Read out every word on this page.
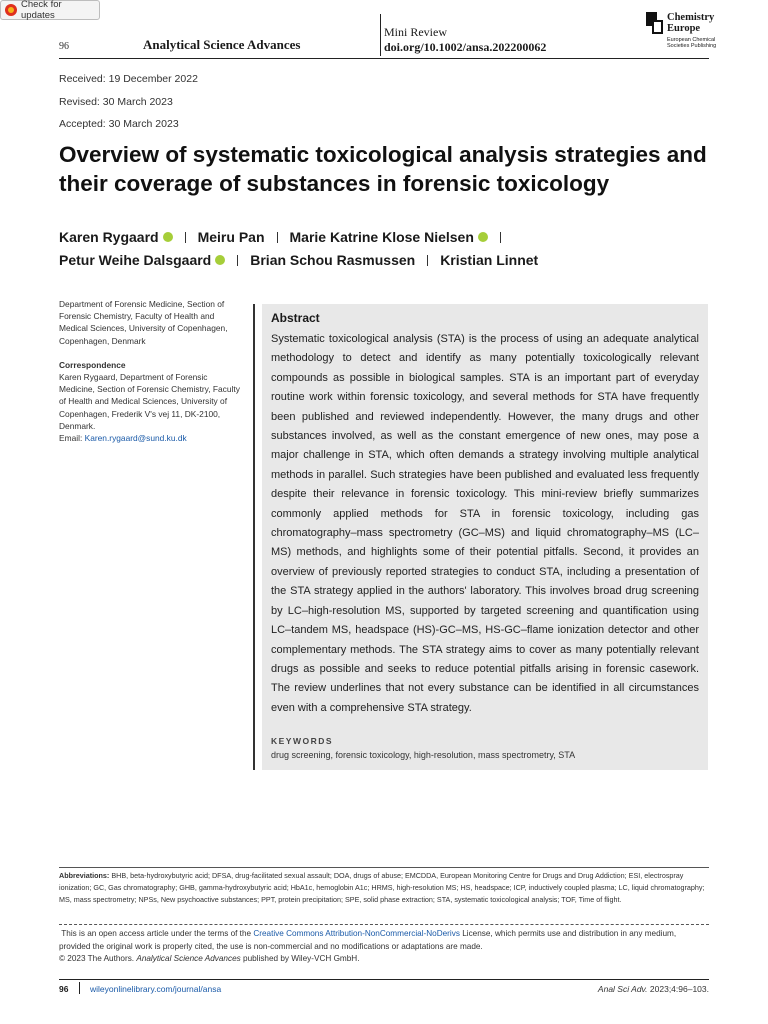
Check for updates
96	Analytical Science Advances
Mini Review
doi.org/10.1002/ansa.202200062
Chemistry
Europe
European Chemical
Societies Publishing
Received: 19 December 2022
Revised: 30 March 2023
Accepted: 30 March 2023
Overview of systematic toxicological analysis strategies and their coverage of substances in forensic toxicology
Karen Rygaard	Meiru Pan Marie Katrine Klose Nielsen
Petur Weihe Dalsgaard	Brian Schou Rasmussen Kristian Linnet

Department of Forensic Medicine, Section of Forensic Chemistry, Faculty of Health and Medical Sciences, University of Copenhagen, Copenhagen, Denmark

Correspondence

Karen Rygaard, Department of Forensic Medicine, Section of Forensic Chemistry, Faculty of Health and Medical Sciences, University of Copenhagen, Frederik V's vej 11, DK-2100, Denmark.

Email: Karen.rygaard@sund.ku.dk

Abstract

Systematic toxicological analysis (STA) is the process of using an adequate analytical methodology to detect and identify as many potentially toxicologically relevant compounds as possible in biological samples. STA is an important part of everyday routine work within forensic toxicology, and several methods for STA have frequently been published and reviewed independently. However, the many drugs and other substances involved, as well as the constant emergence of new ones, may pose a major challenge in STA, which often demands a strategy involving multiple analytical methods in parallel. Such strategies have been published and evaluated less frequently despite their relevance in forensic toxicology. This mini-review briefly summarizes commonly applied methods for STA in forensic toxicology, including gas chromatography–mass spectrometry (GC–MS) and liquid chromatography–MS (LC–MS) methods, and highlights some of their potential pitfalls. Second, it provides an overview of previously reported strategies to conduct STA, including a presentation of the STA strategy applied in the authors' laboratory. This involves broad drug screening by LC–high-resolution MS, supported by targeted screening and quantification using LC–tandem MS, headspace (HS)-GC–MS, HS-GC–flame ionization detector and other complementary methods. The STA strategy aims to cover as many potentially relevant drugs as possible and seeks to reduce potential pitfalls arising in forensic casework. The review underlines that not every substance can be identified in all circumstances even with a comprehensive STA strategy.

KEYWORDS
drug screening, forensic toxicology, high-resolution, mass spectrometry, STA

Abbreviations: BHB, beta-hydroxybutyric acid; DFSA, drug-facilitated sexual assault; DOA, drugs of abuse; EMCDDA, European Monitoring Centre for Drugs and Drug Addiction; ESI, electrospray ionization; GC, Gas chromatography; GHB, gamma-hydroxybutyric acid; HbA1c, hemoglobin A1c; HRMS, high-resolution MS; HS, headspace; ICP, inductively coupled plasma; LC, liquid chromatography; MS, mass spectrometry; NPSs, New psychoactive substances; PPT, protein precipitation; SPE, solid phase extraction; STA, systematic toxicological analysis; TOF, Time of flight.

This is an open access article under the terms of the Creative Commons Attribution-NonCommercial-NoDerivs License, which permits use and distribution in any medium, provided the original work is properly cited, the use is non-commercial and no modifications or adaptations are made.

© 2023 The Authors. Analytical Science Advances published by Wiley-VCH GmbH.

96	wileyonlinelibrary.com/journal/ansa	Anal Sci Adv. 2023;4:96–103.
